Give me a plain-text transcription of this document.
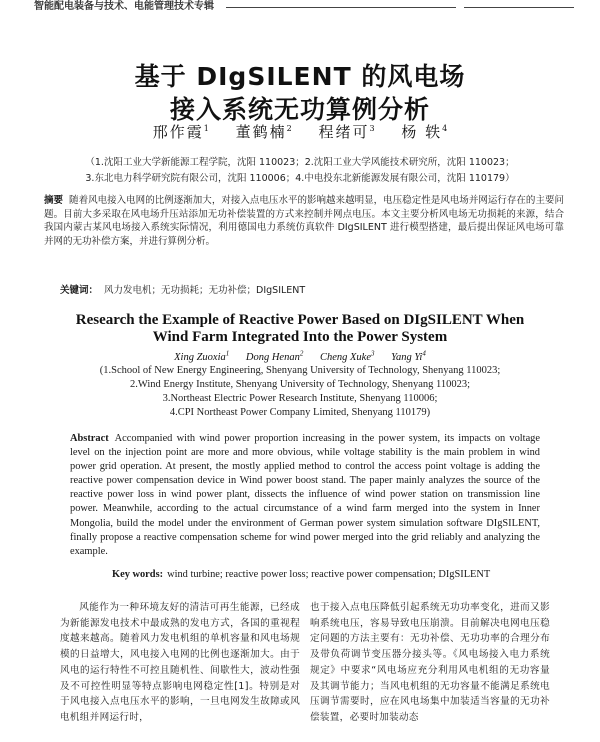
智能配电装备与技术、电能管理技术专辑
基于 DIgSILENT 的风电场
接入系统无功算例分析
邢作霞$^1$ 董鹤楠$^2$ 程绪可$^3$ 杨 轶$^4$
（1.沈阳工业大学新能源工程学院，沈阳 110023；2.沈阳工业大学风能技术研究所，沈阳 110023；
3.东北电力科学研究院有限公司，沈阳 110006；4.中电投东北新能源发展有限公司，沈阳 110179）
摘要 随着风电接入电网的比例逐渐加大，对接入点电压水平的影响越来越明显，电压稳定性是风电场并网运行存在的主要问题。目前大多采取在风电场升压站添加无功补偿装置的方式来控制并网点电压。本文主要分析风电场无功损耗的来源，结合我国内蒙古某风电场接入系统实际情况，利用德国电力系统仿真软件 DIgSILENT 进行模型搭建，最后提出保证风电场可靠并网的无功补偿方案，并进行算例分析。
关键词： 风力发电机；无功损耗；无功补偿；DIgSILENT
Research the Example of Reactive Power Based on DIgSILENT When
Wind Farm Integrated Into the Power System
Xing Zuoxia$^1$ Dong Henan$^2$ Cheng Xuke$^3$ Yang Yi$^4$
(1.School of New Energy Engineering, Shenyang University of Technology, Shenyang 110023;
2.Wind Energy Institute, Shenyang University of Technology, Shenyang 110023;
3.Northeast Electric Power Research Institute, Shenyang 110006;
4.CPI Northeast Power Company Limited, Shenyang 110179)
Abstract Accompanied with wind power proportion increasing in the power system, its impacts on voltage level on the injection point are more and more obvious, while voltage stability is the main problem in wind power grid operation. At present, the mostly applied method to control the access point voltage is adding the reactive power compensation device in Wind power boost stand. The paper mainly analyzes the source of the reactive power loss in wind power plant, dissects the influence of wind power station on transmission line power. Meanwhile, according to the actual circumstance of a wind farm merged into the system in Inner Mongolia, build the model under the environment of German power system simulation software DIgSILENT, finally propose a reactive compensation scheme for wind power merged into the grid reliably and analyzing the example.
Key words: wind turbine; reactive power loss; reactive power compensation; DIgSILENT
风能作为一种环境友好的清洁可再生能源，已经成为新能源发电技术中最成熟的发电方式，各国的重视程度越来越高。随着风力发电机组的单机容量和风电场规模的日益增大，风电接入电网的比例也逐渐加大。由于风电的运行特性不可控且随机性、间歇性大，波动性强及不可控性明显等特点影响电网稳定性[1]。特别是对于风电接入点电压水平的影响，一旦电网发生故障或风电机组并网运行时，
也于接入点电压降低引起系统无功功率变化，进而又影响系统电压，容易导致电压崩溃。目前解决电网电压稳定问题的方法主要有：无功补偿、无功功率的合理分布及带负荷调节变压器分接头等。《风电场接入电力系统规定》中要求“风电场应充分利用风电机组的无功容量及其调节能力；当风电机组的无功容量不能满足系统电压调节需要时，应在风电场集中加装适当容量的无功补偿装置，必要时加装动态
